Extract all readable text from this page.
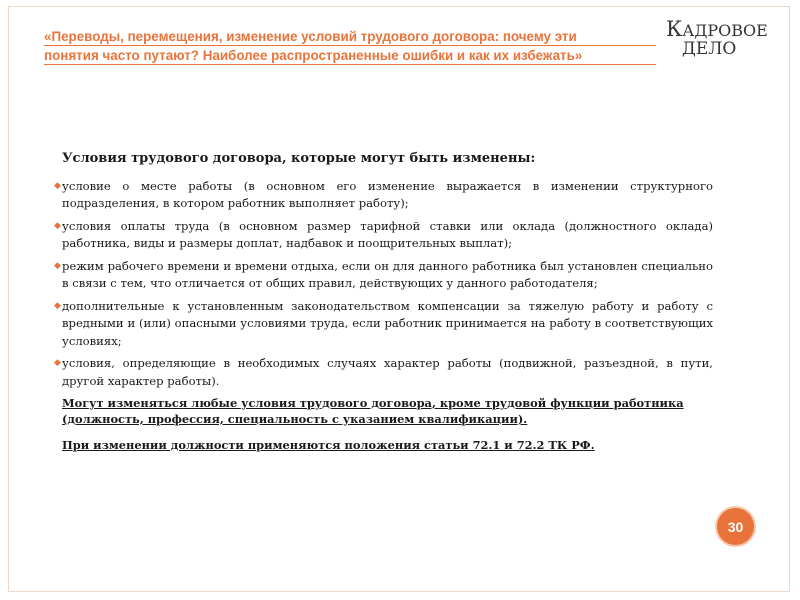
«Переводы, перемещения, изменение условий трудового договора: почему эти
понятия часто путают? Наиболее распространенные ошибки и как их избежать»
КАДРОВОЕ
ДЕЛО
Условия трудового договора, которые могут быть изменены:
◆ условие о месте работы (в основном его изменение выражается в изменении структурного подразделения, в котором работник выполняет работу);
◆ условия оплаты труда (в основном размер тарифной ставки или оклада (должностного оклада) работника, виды и размеры доплат, надбавок и поощрительных выплат);
◆ режим рабочего времени и времени отдыха, если он для данного работника был установлен специально в связи с тем, что отличается от общих правил, действующих у данного работодателя;
◆ дополнительные к установленным законодательством компенсации за тяжелую работу и работу с вредными и (или) опасными условиями труда, если работник принимается на работу в соответствующих условиях;
◆ условия, определяющие в необходимых случаях характер работы (подвижной, разъездной, в пути, другой характер работы).
Могут изменяться любые условия трудового договора, кроме трудовой функции работника (должность, профессия, специальность с указанием квалификации).
При изменении должности применяются положения статьи 72.1 и 72.2 ТК РФ.
30
